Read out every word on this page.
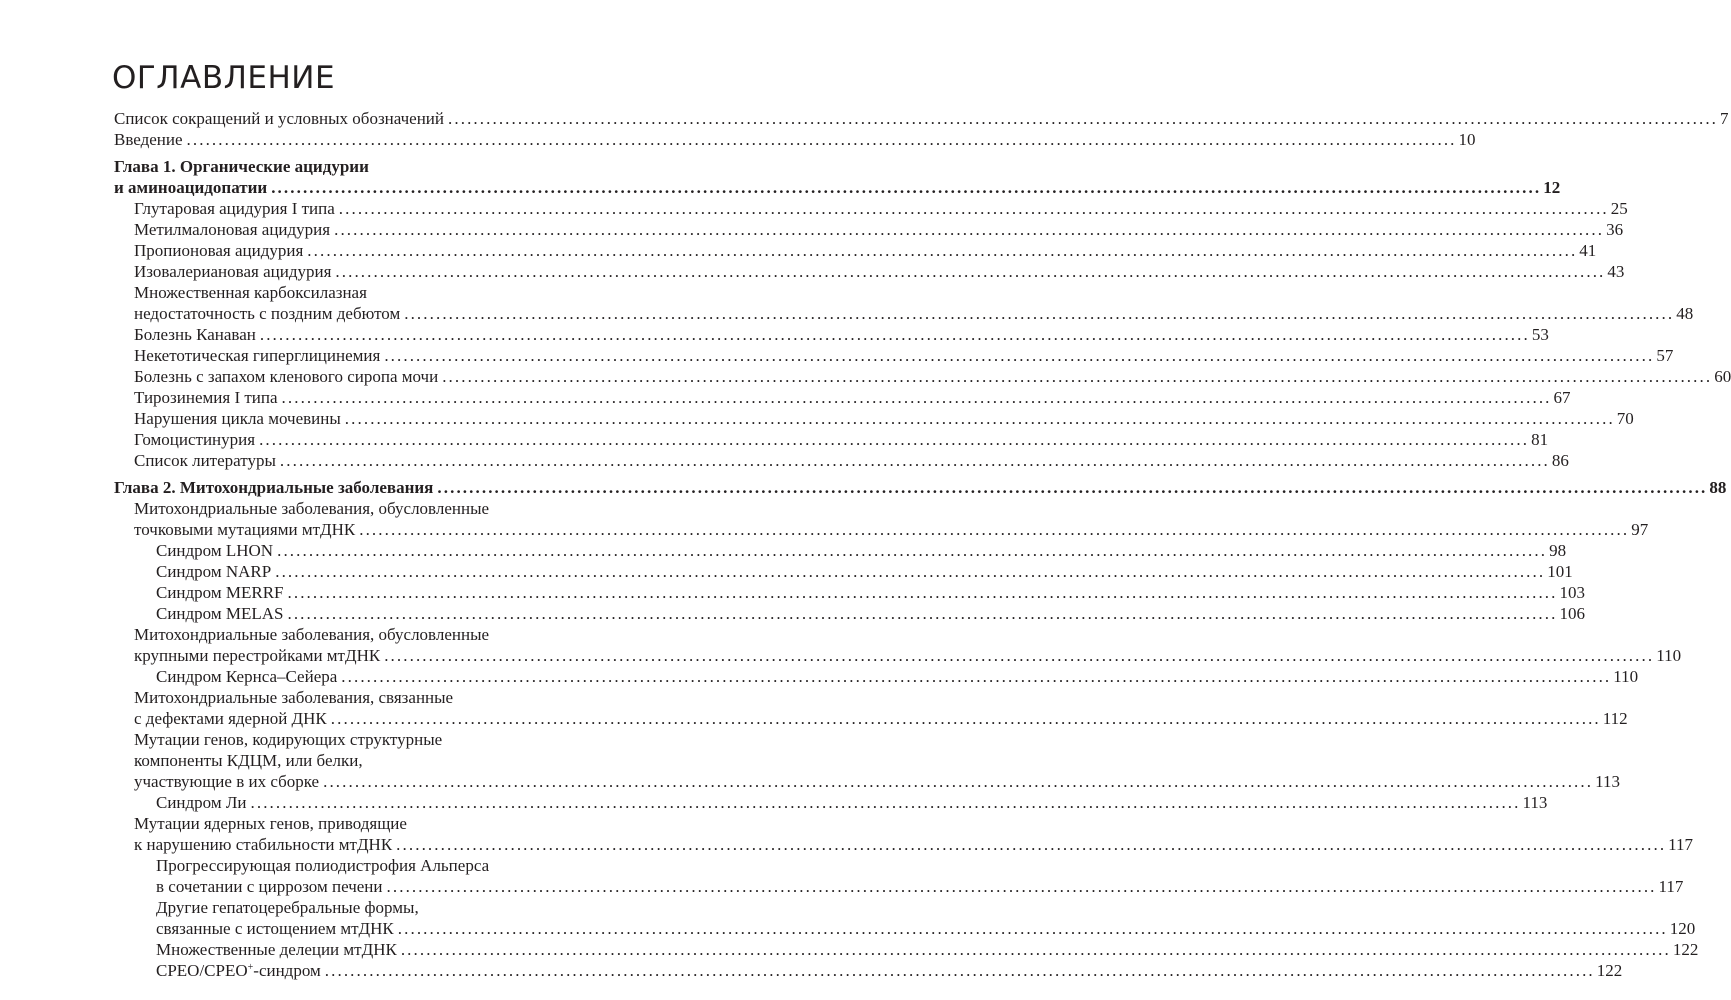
ОГЛАВЛЕНИЕ
Список сокращений и условных обозначений ........................................................................................................................................................................................................ 7
Введение ........................................................................................................................................................................................................ 10
Глава 1. Органические ацидурии
и аминоацидопатии ........................................................................................................................................................................................................ 12
Глутаровая ацидурия I типа ........................................................................................................................................................................................................ 25
Метилмалоновая ацидурия ........................................................................................................................................................................................................ 36
Пропионовая ацидурия ........................................................................................................................................................................................................ 41
Изовалериановая ацидурия ........................................................................................................................................................................................................ 43
Множественная карбоксилазная
недостаточность с поздним дебютом ........................................................................................................................................................................................................ 48
Болезнь Канаван ........................................................................................................................................................................................................ 53
Некетотическая гиперглицинемия ........................................................................................................................................................................................................ 57
Болезнь с запахом кленового сиропа мочи ........................................................................................................................................................................................................ 60
Тирозинемия I типа ........................................................................................................................................................................................................ 67
Нарушения цикла мочевины ........................................................................................................................................................................................................ 70
Гомоцистинурия ........................................................................................................................................................................................................ 81
Список литературы ........................................................................................................................................................................................................ 86
Глава 2. Митохондриальные заболевания ........................................................................................................................................................................................................ 88
Митохондриальные заболевания, обусловленные
точковыми мутациями мтДНК ........................................................................................................................................................................................................ 97
Синдром LHON ........................................................................................................................................................................................................ 98
Синдром NARP ........................................................................................................................................................................................................ 101
Синдром MERRF ........................................................................................................................................................................................................ 103
Синдром MELAS ........................................................................................................................................................................................................ 106
Митохондриальные заболевания, обусловленные
крупными перестройками мтДНК ........................................................................................................................................................................................................ 110
Синдром Кернса–Сейера ........................................................................................................................................................................................................ 110
Митохондриальные заболевания, связанные
с дефектами ядерной ДНК ........................................................................................................................................................................................................ 112
Мутации генов, кодирующих структурные
компоненты КДЦМ, или белки,
участвующие в их сборке ........................................................................................................................................................................................................ 113
Синдром Ли ........................................................................................................................................................................................................ 113
Мутации ядерных генов, приводящие
к нарушению стабильности мтДНК ........................................................................................................................................................................................................ 117
Прогрессирующая полиодистрофия Альперса
в сочетании с циррозом печени ........................................................................................................................................................................................................ 117
Другие гепатоцеребральные формы,
связанные с истощением мтДНК ........................................................................................................................................................................................................ 120
Множественные делеции мтДНК ........................................................................................................................................................................................................ 122
CPEO/CPEO+-синдром ........................................................................................................................................................................................................ 122
